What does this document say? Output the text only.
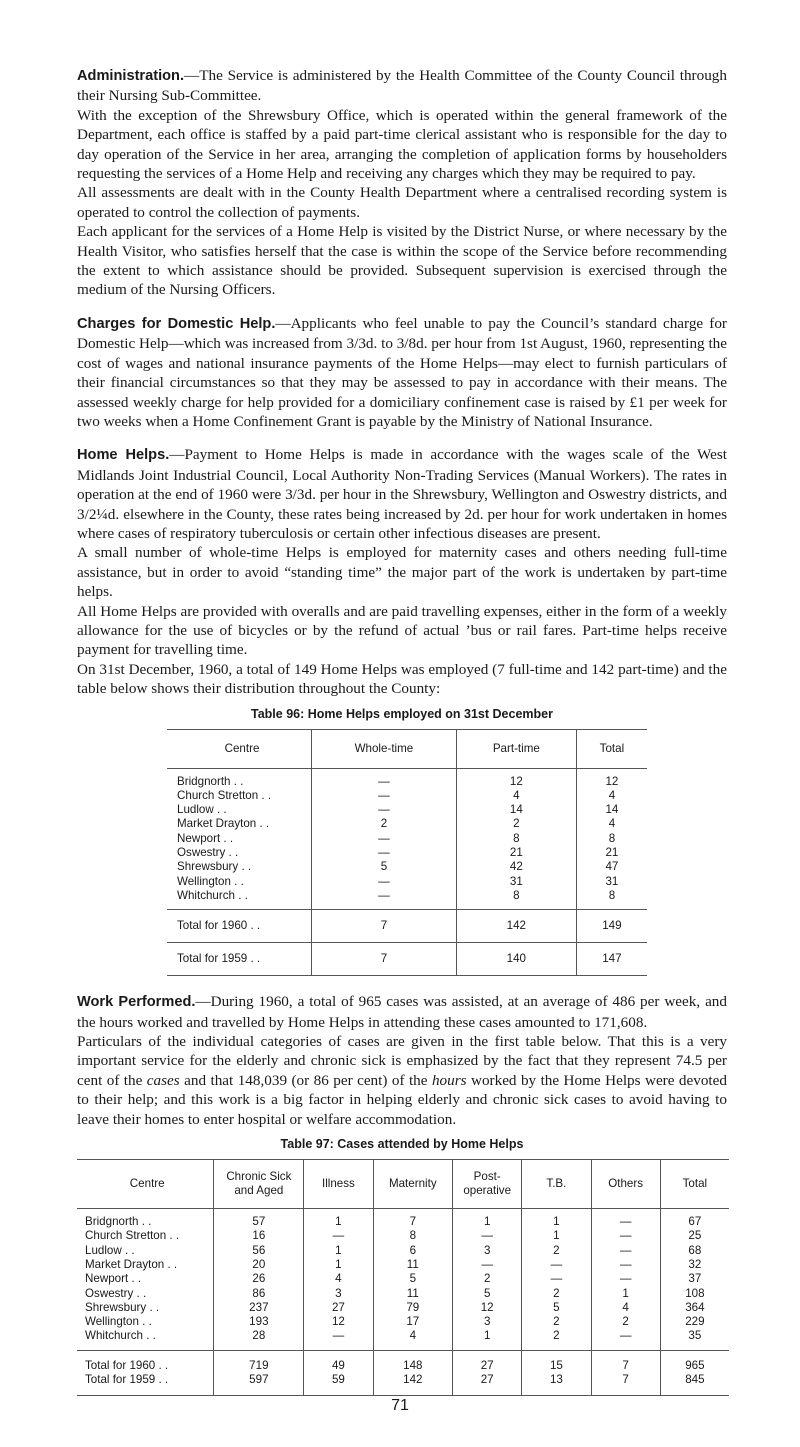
Administration.—The Service is administered by the Health Committee of the County Council through their Nursing Sub-Committee.

With the exception of the Shrewsbury Office, which is operated within the general framework of the Department, each office is staffed by a paid part-time clerical assistant who is responsible for the day to day operation of the Service in her area, arranging the completion of application forms by householders requesting the services of a Home Help and receiving any charges which they may be required to pay.

All assessments are dealt with in the County Health Department where a centralised recording system is operated to control the collection of payments.

Each applicant for the services of a Home Help is visited by the District Nurse, or where necessary by the Health Visitor, who satisfies herself that the case is within the scope of the Service before recommending the extent to which assistance should be provided. Subsequent supervision is exercised through the medium of the Nursing Officers.

Charges for Domestic Help.—Applicants who feel unable to pay the Council’s standard charge for Domestic Help—which was increased from 3/3d. to 3/8d. per hour from 1st August, 1960, representing the cost of wages and national insurance payments of the Home Helps—may elect to furnish particulars of their financial circumstances so that they may be assessed to pay in accordance with their means. The assessed weekly charge for help provided for a domiciliary confinement case is raised by £1 per week for two weeks when a Home Confinement Grant is payable by the Ministry of National Insurance.

Home Helps.—Payment to Home Helps is made in accordance with the wages scale of the West Midlands Joint Industrial Council, Local Authority Non-Trading Services (Manual Workers). The rates in operation at the end of 1960 were 3/3d. per hour in the Shrewsbury, Wellington and Oswestry districts, and 3/2¼d. elsewhere in the County, these rates being increased by 2d. per hour for work undertaken in homes where cases of respiratory tuberculosis or certain other infectious diseases are present.

A small number of whole-time Helps is employed for maternity cases and others needing full-time assistance, but in order to avoid “standing time” the major part of the work is undertaken by part-time helps.

All Home Helps are provided with overalls and are paid travelling expenses, either in the form of a weekly allowance for the use of bicycles or by the refund of actual ’bus or rail fares. Part-time helps receive payment for travelling time.

On 31st December, 1960, a total of 149 Home Helps was employed (7 full-time and 142 part-time) and the table below shows their distribution throughout the County:

Table 96: Home Helps employed on 31st December
Centre	Whole-time	Part-time	Total
Bridgnorth . .	—	12	12
Church Stretton . .	—	4	4
Ludlow . .	—	14	14
Market Drayton . .	2	2	4
Newport . .	—	8	8
Oswestry . .	—	21	21
Shrewsbury . .	5	42	47
Wellington . .	—	31	31
Whitchurch . .	—	8	8
Total for 1960 . .	7	142	149
Total for 1959 . .	7	140	147

Work Performed.—During 1960, a total of 965 cases was assisted, at an average of 486 per week, and the hours worked and travelled by Home Helps in attending these cases amounted to 171,608.

Particulars of the individual categories of cases are given in the first table below. That this is a very important service for the elderly and chronic sick is emphasized by the fact that they represent 74.5 per cent of the cases and that 148,039 (or 86 per cent) of the hours worked by the Home Helps were devoted to their help; and this work is a big factor in helping elderly and chronic sick cases to avoid having to leave their homes to enter hospital or welfare accommodation.

Table 97: Cases attended by Home Helps
Centre	Chronic Sick and Aged	Illness	Maternity	Post-operative	T.B.	Others	Total
Bridgnorth . .	57	1	7	1	1	—	67
Church Stretton . .	16	—	8	—	1	—	25
Ludlow . .	56	1	6	3	2	—	68
Market Drayton . .	20	1	11	—	—	—	32
Newport . .	26	4	5	2	—	—	37
Oswestry . .	86	3	11	5	2	1	108
Shrewsbury . .	237	27	79	12	5	4	364
Wellington . .	193	12	17	3	2	2	229
Whitchurch . .	28	—	4	1	2	—	35
Total for 1960 . .	719	49	148	27	15	7	965
Total for 1959 . .	597	59	142	27	13	7	845
71
